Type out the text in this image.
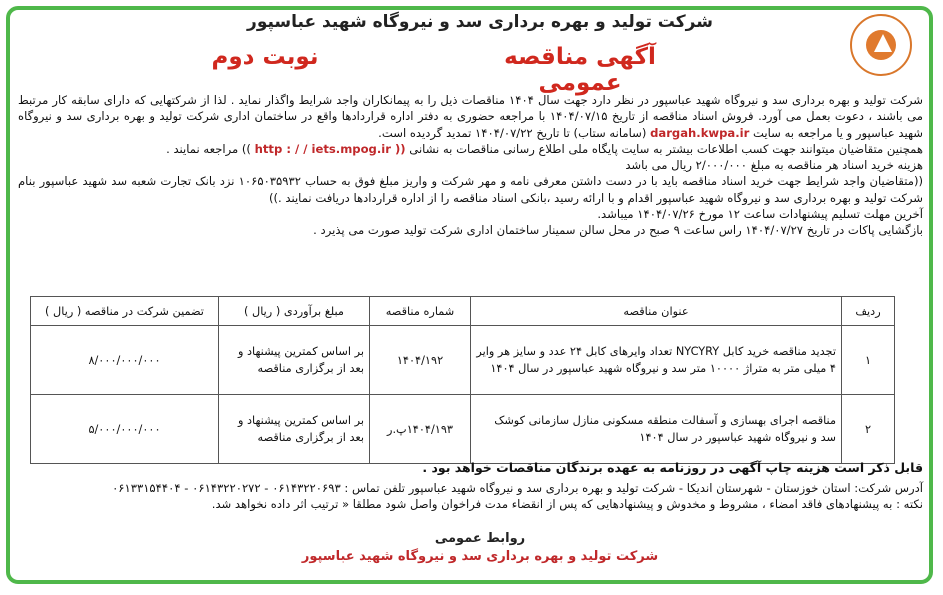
شرکت تولید و بهره برداری سد و نیروگاه شهید عباسپور
آگهی مناقصه عمومی
نوبت دوم

شرکت تولید و بهره برداری سد و نیروگاه شهید عباسپور در نظر دارد جهت سال ۱۴۰۴ مناقصات ذیل را به پیمانکاران واجد شرایط واگذار نماید . لذا از شرکتهایی که دارای سابقه کار مرتبط می باشند ، دعوت بعمل می آورد. فروش اسناد مناقصه از تاریخ ۱۴۰۴/۰۷/۱۵ با مراجعه حضوری به دفتر اداره قراردادها واقع در ساختمان اداری شرکت تولید و بهره برداری سد و نیروگاه شهید عباسپور و یا مراجعه به سایت dargah.kwpa.ir (سامانه ستاب) تا تاریخ ۱۴۰۴/۰۷/۲۲ تمدید گردیده است.

همچنین متقاضیان میتوانند جهت کسب اطلاعات بیشتر به سایت پایگاه ملی اطلاع رسانی مناقصات به نشانی (( http : / / iets.mpog.ir )) مراجعه نمایند .

هزینه خرید اسناد هر مناقصه به مبلغ ۲/۰۰۰/۰۰۰ ریال می باشد

((متقاضیان واجد شرایط جهت خرید اسناد مناقصه باید با در دست داشتن معرفی نامه و مهر شرکت و واریز مبلغ فوق به حساب ۱۰۶۵۰۳۵۹۳۲ نزد بانک تجارت شعبه سد شهید عباسپور بنام شرکت تولید و بهره برداری سد و نیروگاه شهید عباسپور اقدام و با ارائه رسید ،بانکی اسناد مناقصه را از اداره قراردادها دریافت نمایند .))

آخرین مهلت تسلیم پیشنهادات ساعت ۱۲ مورخ ۱۴۰۴/۰۷/۲۶ میباشد.

بازگشایی پاکات در تاریخ ۱۴۰۴/۰۷/۲۷ راس ساعت ۹ صبح در محل سالن سمینار ساختمان اداری شرکت تولید صورت می پذیرد .

ردیف	عنوان مناقصه	شماره مناقصه	مبلغ برآوردی ( ریال )	تضمین شرکت در مناقصه ( ریال )
۱	تجدید مناقصه خرید کابل NYCYRY تعداد وایرهای کابل ۲۴ عدد و سایز هر وایر ۴ میلی متر به متراژ ۱۰۰۰۰ متر سد و نیروگاه شهید عباسپور در سال ۱۴۰۴	۱۴۰۴/۱۹۲	بر اساس کمترین پیشنهاد و بعد از برگزاری مناقصه	۸/۰۰۰/۰۰۰/۰۰۰
۲	مناقصه اجرای بهسازی و آسفالت منطقه مسکونی منازل سازمانی کوشک سد و نیروگاه شهید عباسپور در سال ۱۴۰۴	۱۴۰۴/۱۹۳پ.ر	بر اساس کمترین پیشنهاد و بعد از برگزاری مناقصه	۵/۰۰۰/۰۰۰/۰۰۰
قابل ذکر است هزینه چاپ آگهی در روزنامه به عهده برندگان مناقصات خواهد بود .

آدرس شرکت: استان خوزستان - شهرستان اندیکا - شرکت تولید و بهره برداری سد و نیروگاه شهید عباسپور تلفن تماس : ۰۶۱۴۳۲۲۰۶۹۳ - ۰۶۱۴۳۲۲۰۲۷۲ - ۰۶۱۳۳۱۵۴۴۰۴

نکته : به پیشنهادهای فاقد امضاء ، مشروط و مخدوش و پیشنهادهایی که پس از انقضاء مدت فراخوان واصل شود مطلقا « ترتیب اثر داده نخواهد شد.

روابط عمومی
شرکت تولید و بهره برداری سد و نیروگاه شهید عباسپور
